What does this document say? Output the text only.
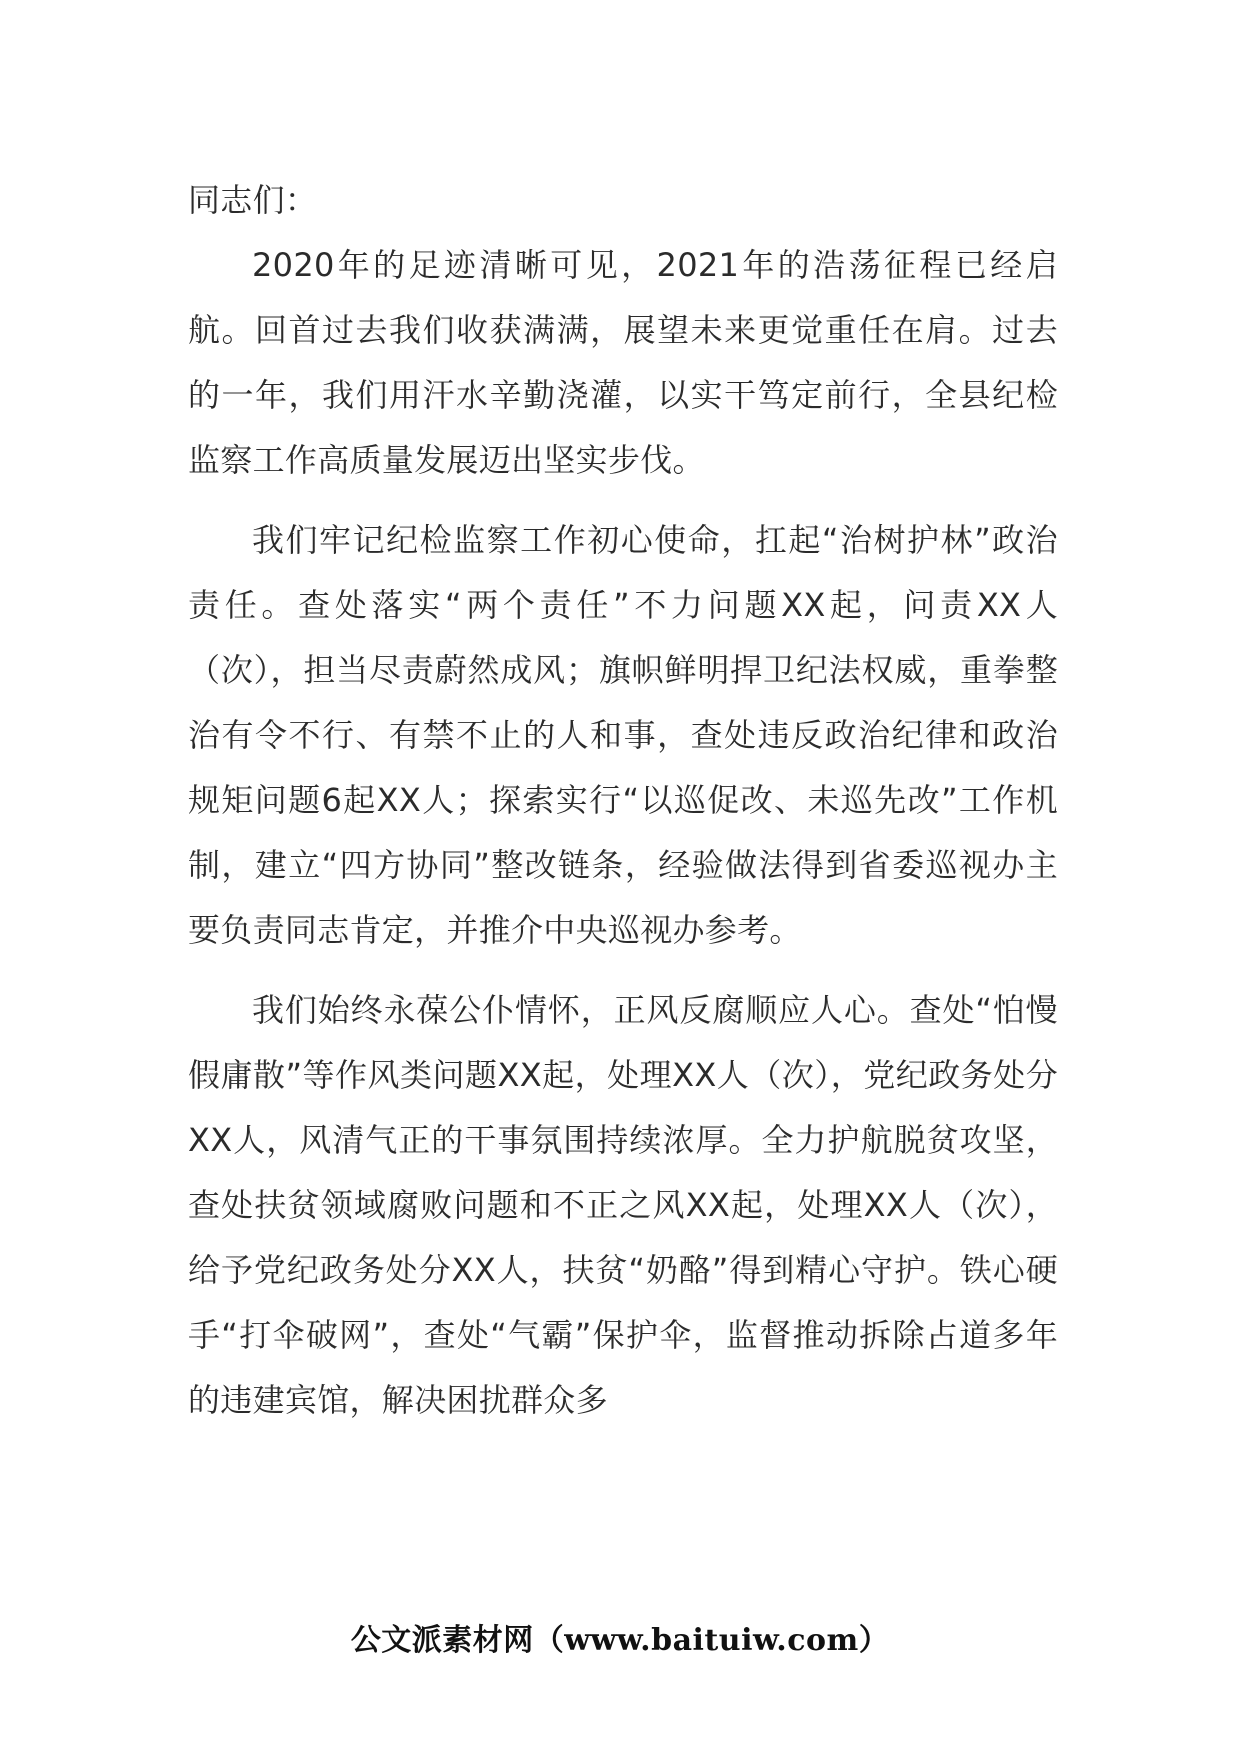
同志们：

2020年的足迹清晰可见，2021年的浩荡征程已经启航。回首过去我们收获满满，展望未来更觉重任在肩。过去的一年，我们用汗水辛勤浇灌，以实干笃定前行，全县纪检监察工作高质量发展迈出坚实步伐。

我们牢记纪检监察工作初心使命，扛起“治树护林”政治责任。查处落实“两个责任”不力问题XX起，问责XX人（次），担当尽责蔚然成风；旗帜鲜明捍卫纪法权威，重拳整治有令不行、有禁不止的人和事，查处违反政治纪律和政治规矩问题6起XX人；探索实行“以巡促改、未巡先改”工作机制，建立“四方协同”整改链条，经验做法得到省委巡视办主要负责同志肯定，并推介中央巡视办参考。

我们始终永葆公仆情怀，正风反腐顺应人心。查处“怕慢假庸散”等作风类问题XX起，处理XX人（次），党纪政务处分XX人，风清气正的干事氛围持续浓厚。全力护航脱贫攻坚，查处扶贫领域腐败问题和不正之风XX起，处理XX人（次），给予党纪政务处分XX人，扶贫“奶酪”得到精心守护。铁心硬手“打伞破网”，查处“气霸”保护伞，监督推动拆除占道多年的违建宾馆，解决困扰群众多

公文派素材网（www.baituiw.com）
